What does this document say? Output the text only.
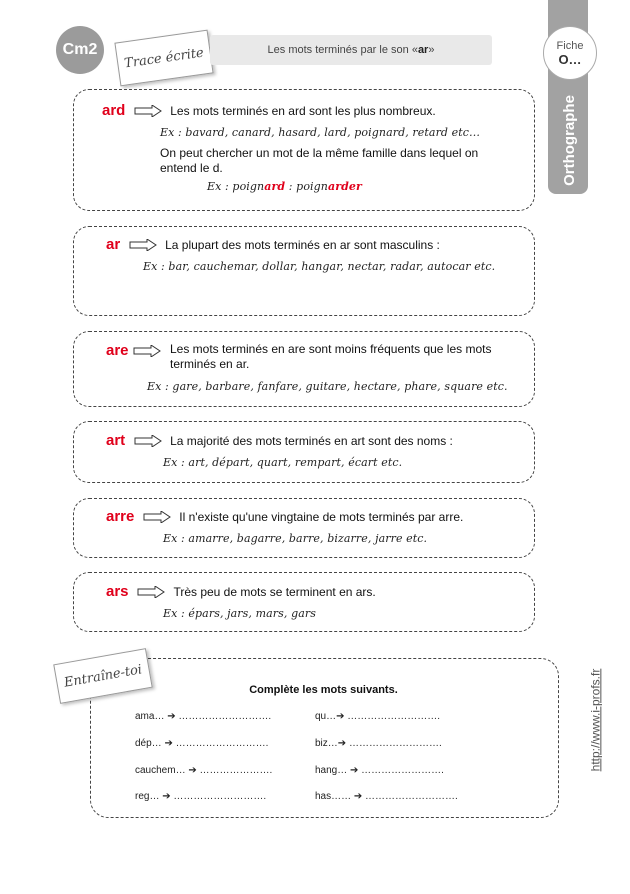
Cm2 Trace écrite	Les mots terminés par le son « ar »
Orthographe
Fiche
O…
http://www.i-profs.fr
ard	Les mots terminés en ard sont les plus nombreux.
Ex : bavard, canard, hasard, lard, poignard, retard etc…
On peut chercher un mot de la même famille dans lequel on entend le d.
Ex : poignard : poignarder
ar	La plupart des mots terminés en ar sont masculins :
Ex : bar, cauchemar, dollar, hangar, nectar, radar, autocar etc.
are	Les mots terminés en are sont moins fréquents que les mots terminés en ar.
Ex : gare, barbare, fanfare, guitare, hectare, phare, square etc.
art	La majorité des mots terminés en art sont des noms :
Ex : art, départ, quart, rempart, écart etc.
arre	Il n'existe qu'une vingtaine de mots terminés par arre.
Ex : amarre, bagarre, barre, bizarre, jarre etc.
ars	Très peu de mots se terminent en ars.
Ex : épars, jars, mars, gars
Entraîne-toi	Complète les mots suivants.
ama… ➔ ……………………….	qu…➔ ……………………….
dép… ➔ ……………………….	biz…➔ ……………………….
cauchem… ➔ ………………….	hang… ➔ …………………….
reg… ➔ ……………………….	has…… ➔ ……………………….
